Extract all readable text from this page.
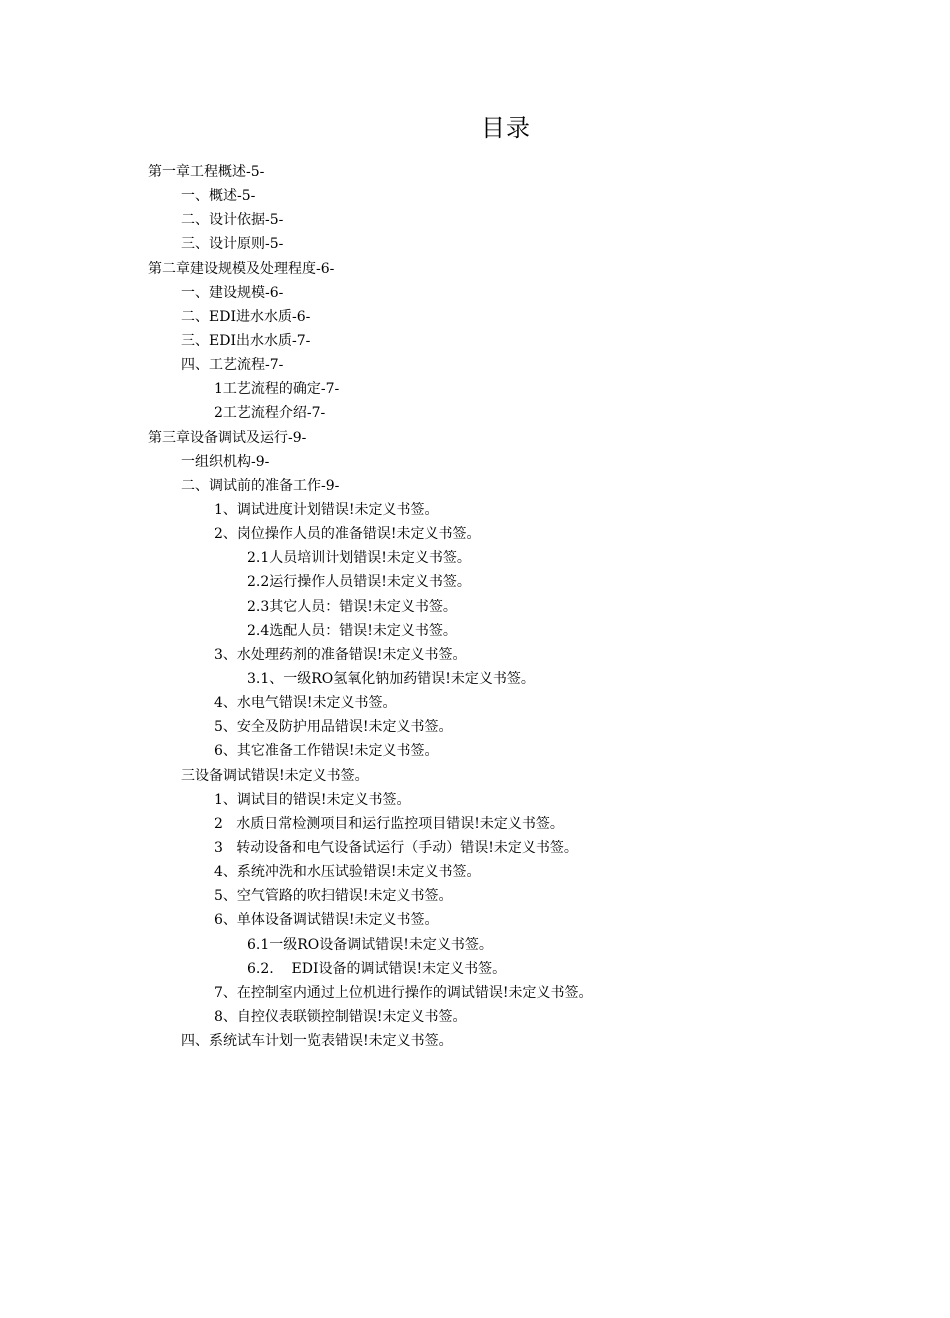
目录
第一章工程概述-5-
一、概述-5-
二、设计依据-5-
三、设计原则-5-
第二章建设规模及处理程度-6-
一、建设规模-6-
二、EDI进水水质-6-
三、EDI出水水质-7-
四、工艺流程-7-
1工艺流程的确定-7-
2工艺流程介绍-7-
第三章设备调试及运行-9-
一组织机构-9-
二、调试前的准备工作-9-
1、调试进度计划错误!未定义书签。
2、岗位操作人员的准备错误!未定义书签。
2.1人员培训计划错误!未定义书签。
2.2运行操作人员错误!未定义书签。
2.3其它人员：错误!未定义书签。
2.4选配人员：错误!未定义书签。
3、水处理药剂的准备错误!未定义书签。
3.1、一级RO氢氧化钠加药错误!未定义书签。
4、水电气错误!未定义书签。
5、安全及防护用品错误!未定义书签。
6、其它准备工作错误!未定义书签。
三设备调试错误!未定义书签。
1、调试目的错误!未定义书签。
2   水质日常检测项目和运行监控项目错误!未定义书签。
3   转动设备和电气设备试运行（手动）错误!未定义书签。
4、系统冲洗和水压试验错误!未定义书签。
5、空气管路的吹扫错误!未定义书签。
6、单体设备调试错误!未定义书签。
6.1一级RO设备调试错误!未定义书签。
6.2.    EDI设备的调试错误!未定义书签。
7、在控制室内通过上位机进行操作的调试错误!未定义书签。
8、自控仪表联锁控制错误!未定义书签。
四、系统试车计划一览表错误!未定义书签。
